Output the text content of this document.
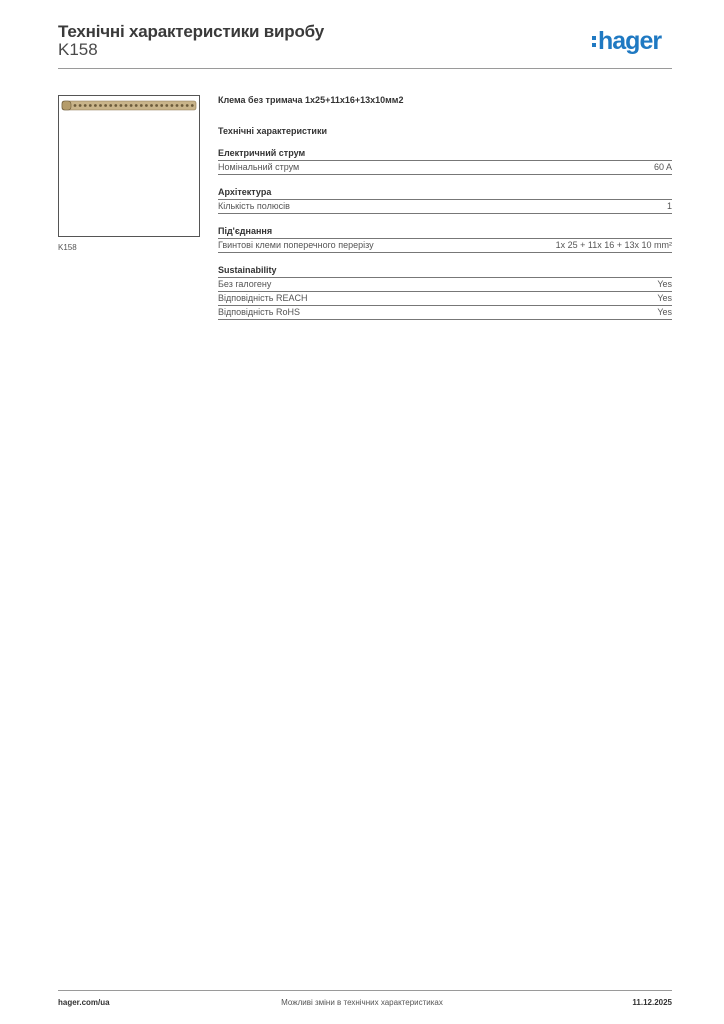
Технічні характеристики виробу
K158	hager
K158
Клема без тримача 1x25+11x16+13x10мм2
Технічні характеристики
Електричний струм
Номінальний струм	60 A
Архітектура
Кількість полюсів	1
Під'єднання
Гвинтові клеми поперечного перерізу	1x 25 + 11x 16 + 13x 10 mm²
Sustainability
Без галогену	Yes
Відповідність REACH	Yes
Відповідність RoHS	Yes
hager.com/ua	Можливі зміни в технічних характеристиках	11.12.2025
